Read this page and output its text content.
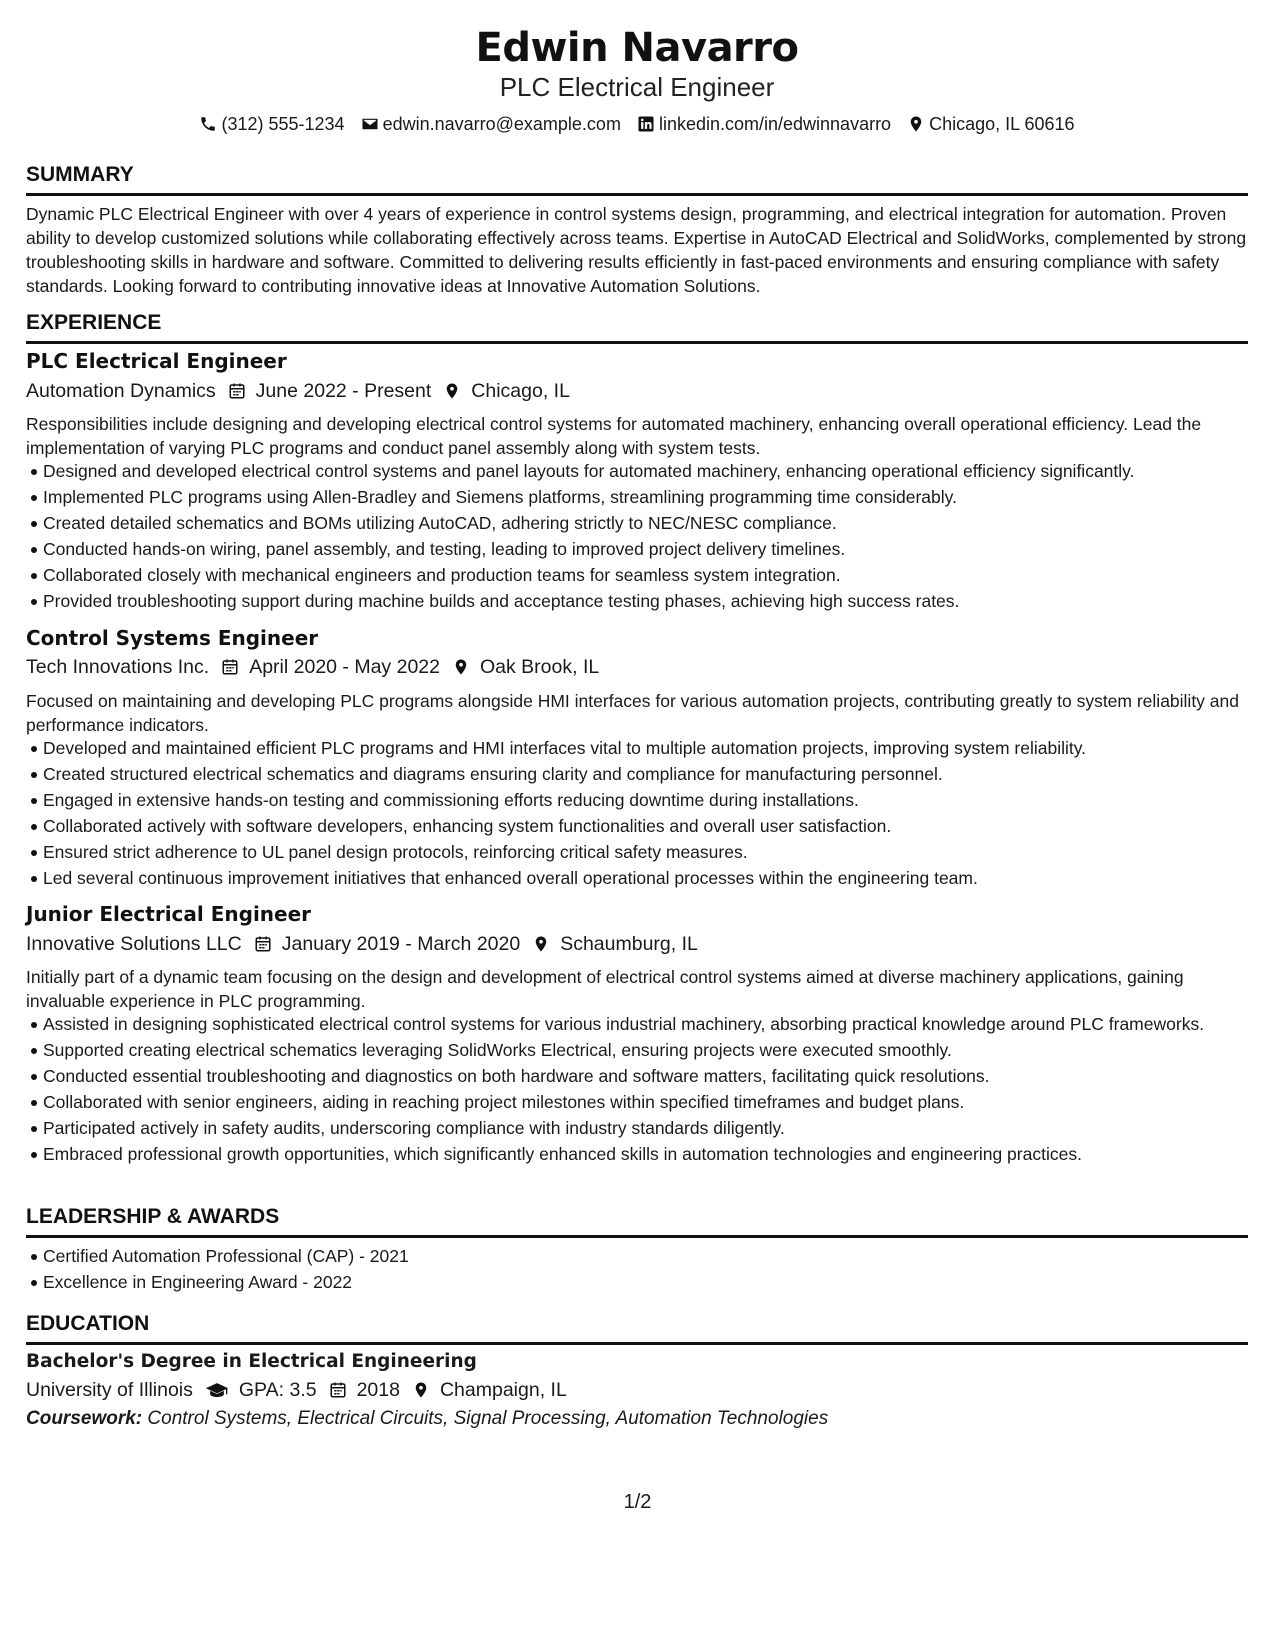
Edwin Navarro
PLC Electrical Engineer
(312) 555-1234 edwin.navarro@example.com linkedin.com/in/edwinnavarro Chicago, IL 60616
SUMMARY
Dynamic PLC Electrical Engineer with over 4 years of experience in control systems design, programming, and electrical integration for automation. Proven ability to develop customized solutions while collaborating effectively across teams. Expertise in AutoCAD Electrical and SolidWorks, complemented by strong troubleshooting skills in hardware and software. Committed to delivering results efficiently in fast-paced environments and ensuring compliance with safety standards. Looking forward to contributing innovative ideas at Innovative Automation Solutions.
EXPERIENCE
PLC Electrical Engineer
Automation Dynamics June 2022 - Present Chicago, IL
Responsibilities include designing and developing electrical control systems for automated machinery, enhancing overall operational efficiency. Lead the implementation of varying PLC programs and conduct panel assembly along with system tests.
Designed and developed electrical control systems and panel layouts for automated machinery, enhancing operational efficiency significantly.
Implemented PLC programs using Allen-Bradley and Siemens platforms, streamlining programming time considerably.
Created detailed schematics and BOMs utilizing AutoCAD, adhering strictly to NEC/NESC compliance.
Conducted hands-on wiring, panel assembly, and testing, leading to improved project delivery timelines.
Collaborated closely with mechanical engineers and production teams for seamless system integration.
Provided troubleshooting support during machine builds and acceptance testing phases, achieving high success rates.
Control Systems Engineer
Tech Innovations Inc. April 2020 - May 2022 Oak Brook, IL
Focused on maintaining and developing PLC programs alongside HMI interfaces for various automation projects, contributing greatly to system reliability and performance indicators.
Developed and maintained efficient PLC programs and HMI interfaces vital to multiple automation projects, improving system reliability.
Created structured electrical schematics and diagrams ensuring clarity and compliance for manufacturing personnel.
Engaged in extensive hands-on testing and commissioning efforts reducing downtime during installations.
Collaborated actively with software developers, enhancing system functionalities and overall user satisfaction.
Ensured strict adherence to UL panel design protocols, reinforcing critical safety measures.
Led several continuous improvement initiatives that enhanced overall operational processes within the engineering team.
Junior Electrical Engineer
Innovative Solutions LLC January 2019 - March 2020 Schaumburg, IL
Initially part of a dynamic team focusing on the design and development of electrical control systems aimed at diverse machinery applications, gaining invaluable experience in PLC programming.
Assisted in designing sophisticated electrical control systems for various industrial machinery, absorbing practical knowledge around PLC frameworks.
Supported creating electrical schematics leveraging SolidWorks Electrical, ensuring projects were executed smoothly.
Conducted essential troubleshooting and diagnostics on both hardware and software matters, facilitating quick resolutions.
Collaborated with senior engineers, aiding in reaching project milestones within specified timeframes and budget plans.
Participated actively in safety audits, underscoring compliance with industry standards diligently.
Embraced professional growth opportunities, which significantly enhanced skills in automation technologies and engineering practices.
LEADERSHIP & AWARDS
Certified Automation Professional (CAP) - 2021
Excellence in Engineering Award - 2022
EDUCATION
Bachelor's Degree in Electrical Engineering
University of Illinois GPA: 3.5 2018 Champaign, IL
Coursework: Control Systems, Electrical Circuits, Signal Processing, Automation Technologies
1/2
